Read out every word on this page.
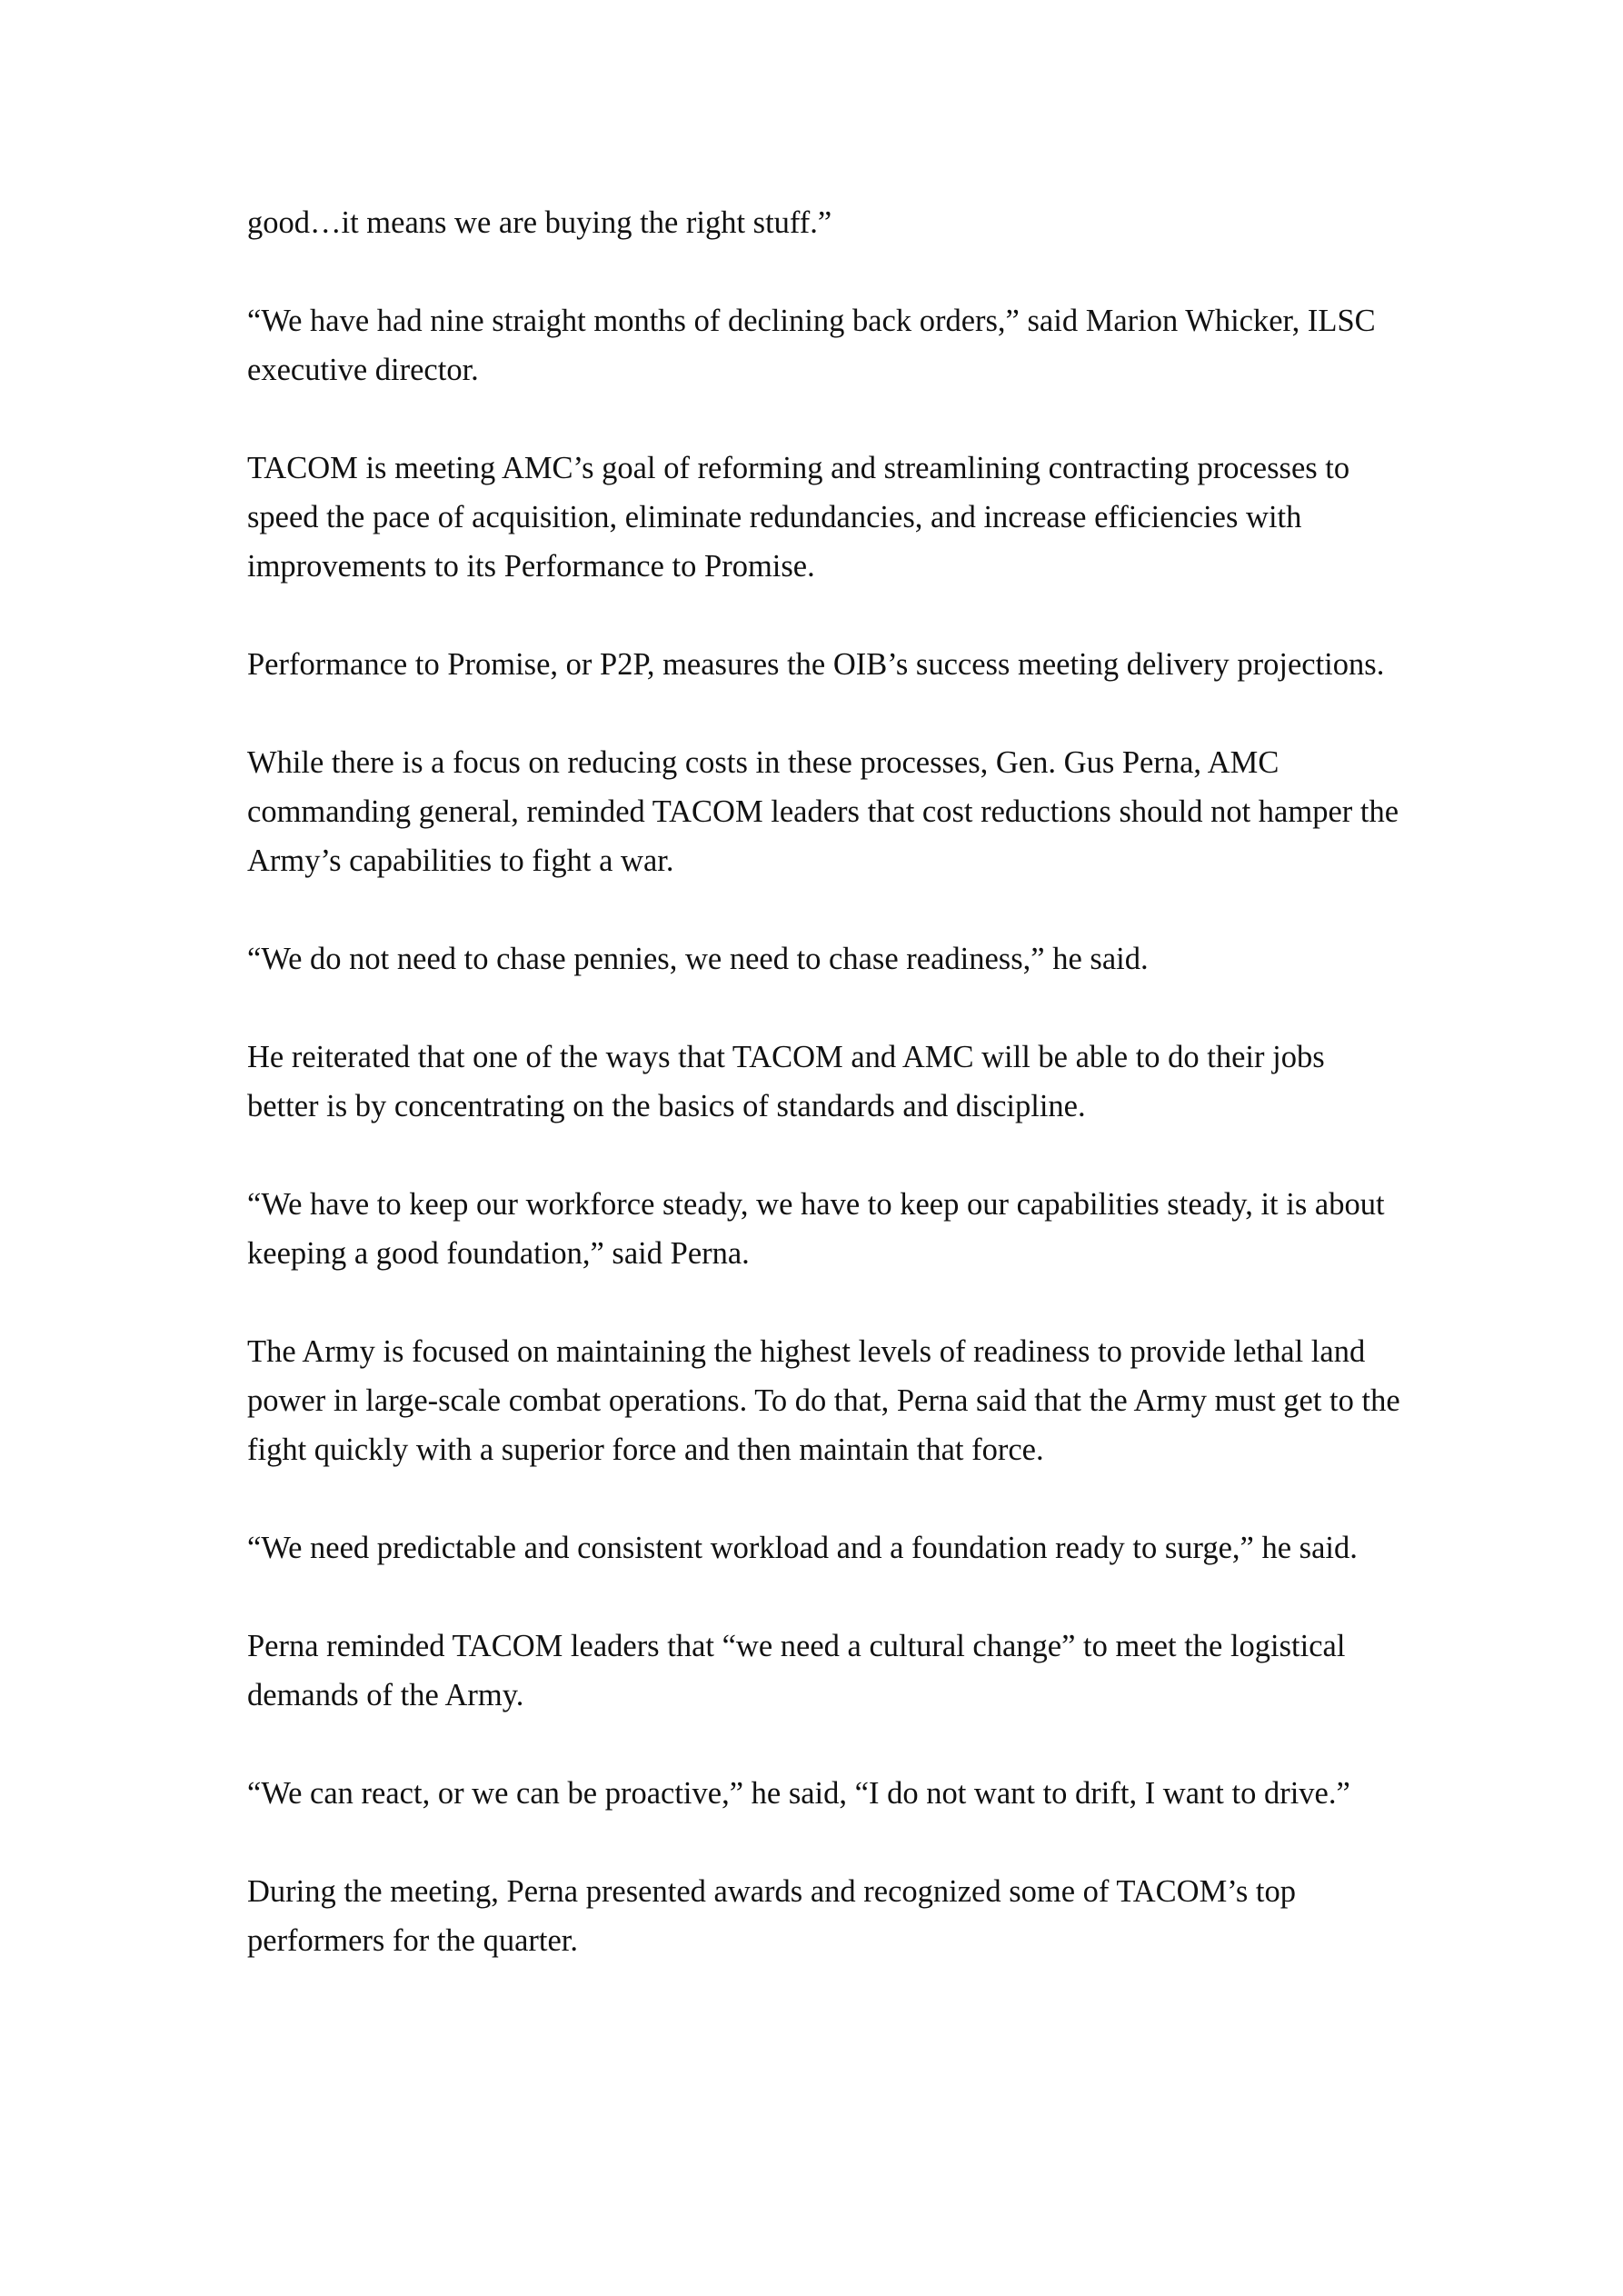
good…it means we are buying the right stuff.”

“We have had nine straight months of declining back orders,” said Marion Whicker, ILSC executive director.

TACOM is meeting AMC’s goal of reforming and streamlining contracting processes to speed the pace of acquisition, eliminate redundancies, and increase efficiencies with improvements to its Performance to Promise.

Performance to Promise, or P2P, measures the OIB’s success meeting delivery projections.

While there is a focus on reducing costs in these processes, Gen. Gus Perna, AMC commanding general, reminded TACOM leaders that cost reductions should not hamper the Army’s capabilities to fight a war.

“We do not need to chase pennies, we need to chase readiness,” he said.

He reiterated that one of the ways that TACOM and AMC will be able to do their jobs better is by concentrating on the basics of standards and discipline.

“We have to keep our workforce steady, we have to keep our capabilities steady, it is about keeping a good foundation,” said Perna.

The Army is focused on maintaining the highest levels of readiness to provide lethal land power in large-scale combat operations. To do that, Perna said that the Army must get to the fight quickly with a superior force and then maintain that force.

“We need predictable and consistent workload and a foundation ready to surge,” he said.

Perna reminded TACOM leaders that “we need a cultural change” to meet the logistical demands of the Army.

“We can react, or we can be proactive,” he said, “I do not want to drift, I want to drive.”

During the meeting, Perna presented awards and recognized some of TACOM’s top performers for the quarter.
